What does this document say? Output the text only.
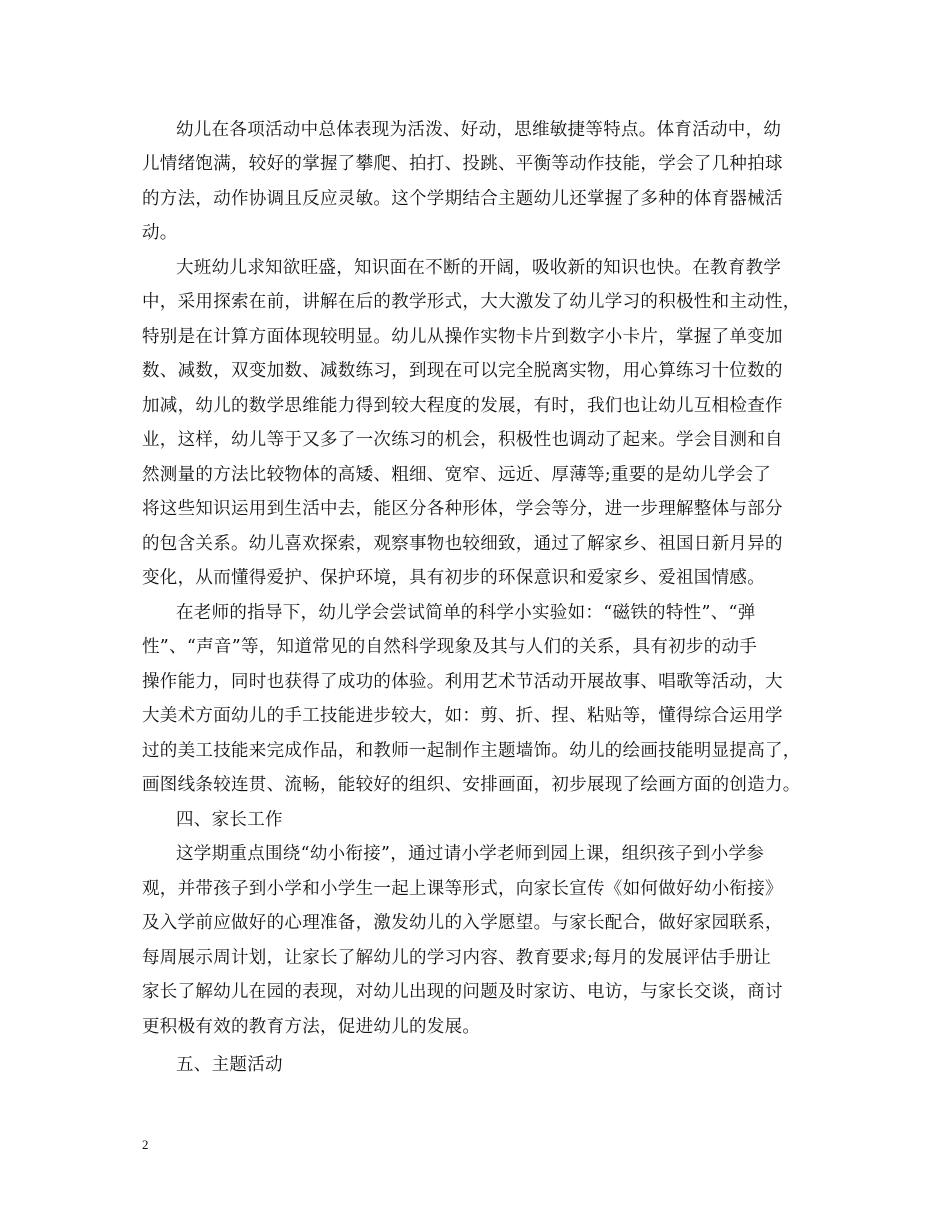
幼儿在各项活动中总体表现为活泼、好动，思维敏捷等特点。体育活动中，幼
儿情绪饱满，较好的掌握了攀爬、拍打、投跳、平衡等动作技能，学会了几种拍球
的方法，动作协调且反应灵敏。这个学期结合主题幼儿还掌握了多种的体育器械活
动。
大班幼儿求知欲旺盛，知识面在不断的开阔，吸收新的知识也快。在教育教学
中，采用探索在前，讲解在后的教学形式，大大激发了幼儿学习的积极性和主动性，
特别是在计算方面体现较明显。幼儿从操作实物卡片到数字小卡片，掌握了单变加
数、减数，双变加数、减数练习，到现在可以完全脱离实物，用心算练习十位数的
加减，幼儿的数学思维能力得到较大程度的发展，有时，我们也让幼儿互相检查作
业，这样，幼儿等于又多了一次练习的机会，积极性也调动了起来。学会目测和自
然测量的方法比较物体的高矮、粗细、宽窄、远近、厚薄等;重要的是幼儿学会了
将这些知识运用到生活中去，能区分各种形体，学会等分，进一步理解整体与部分
的包含关系。幼儿喜欢探索，观察事物也较细致，通过了解家乡、祖国日新月异的
变化，从而懂得爱护、保护环境，具有初步的环保意识和爱家乡、爱祖国情感。
在老师的指导下，幼儿学会尝试简单的科学小实验如：“磁铁的特性”、“弹
性”、“声音”等，知道常见的自然科学现象及其与人们的关系，具有初步的动手
操作能力，同时也获得了成功的体验。利用艺术节活动开展故事、唱歌等活动，大
大美术方面幼儿的手工技能进步较大，如：剪、折、捏、粘贴等，懂得综合运用学
过的美工技能来完成作品，和教师一起制作主题墙饰。幼儿的绘画技能明显提高了，
画图线条较连贯、流畅，能较好的组织、安排画面，初步展现了绘画方面的创造力。
四、家长工作
这学期重点围绕“幼小衔接”，通过请小学老师到园上课，组织孩子到小学参
观，并带孩子到小学和小学生一起上课等形式，向家长宣传《如何做好幼小衔接》
及入学前应做好的心理准备，激发幼儿的入学愿望。与家长配合，做好家园联系，
每周展示周计划，让家长了解幼儿的学习内容、教育要求;每月的发展评估手册让
家长了解幼儿在园的表现，对幼儿出现的问题及时家访、电访，与家长交谈，商讨
更积极有效的教育方法，促进幼儿的发展。
五、主题活动
2
